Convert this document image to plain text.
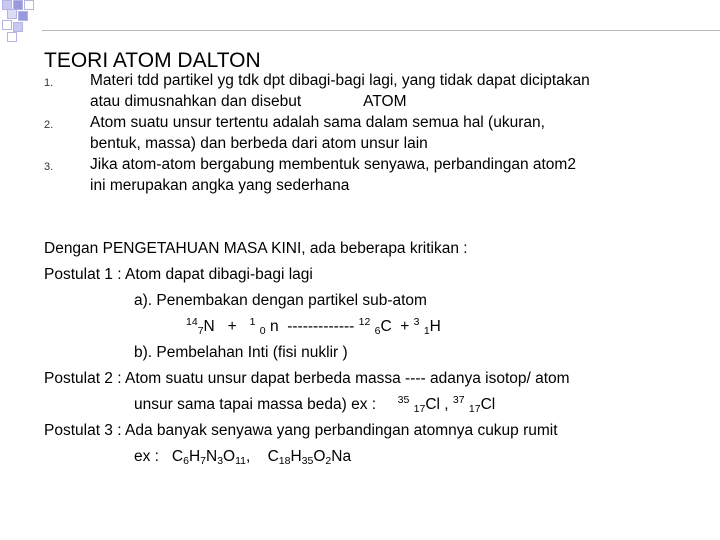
TEORI ATOM DALTON
1. Materi tdd partikel yg tdk dpt dibagi-bagi lagi, yang tidak dapat diciptakan
atau dimusnahkan dan disebut	ATOM
2. Atom suatu unsur tertentu adalah sama dalam semua hal (ukuran,
bentuk, massa) dan berbeda dari atom unsur lain
3. Jika atom-atom bergabung membentuk senyawa, perbandingan atom2
ini merupakan angka yang sederhana
Dengan PENGETAHUAN MASA KINI, ada beberapa kritikan :
Postulat 1 : Atom dapat dibagi-bagi lagi
a). Penembakan dengan partikel sub-atom
$^{14}_7$N + $^1$ $_0$ n ------------- $^{12}$ $_6$C + $^3$ $_1$H
b). Pembelahan Inti (fisi nuklir )
Postulat 2 : Atom suatu unsur dapat berbeda massa ---- adanya isotop/ atom
unsur sama tapai massa beda) ex : $^{35}$ $_{17}$Cl , $^{37}$ $_{17}$Cl
Postulat 3 : Ada banyak senyawa yang perbandingan atomnya cukup rumit
ex : $C_6H_7N_3O_{11}$, $C_{18}H_{35}O_2Na$
